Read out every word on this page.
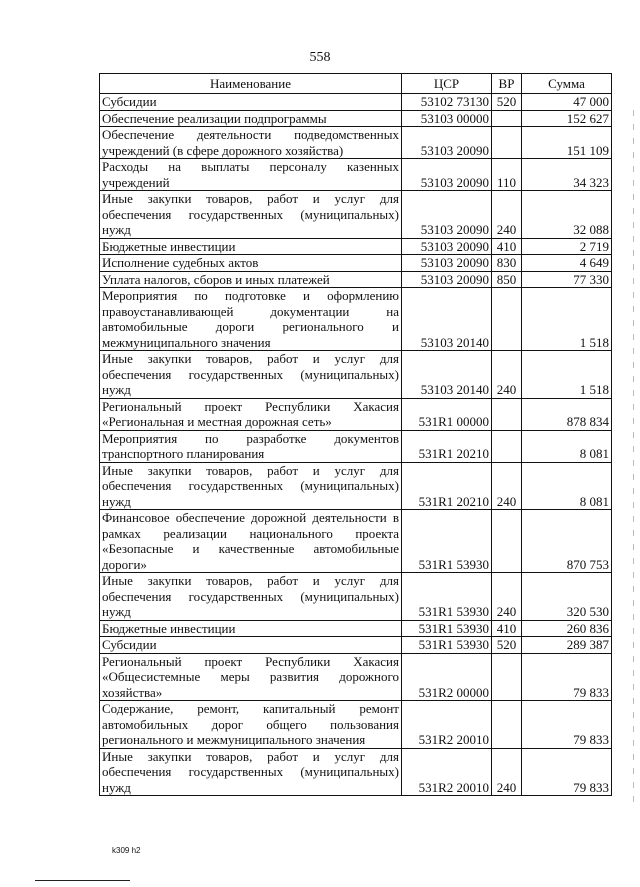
558
Наименование	ЦСР	ВР	Сумма
Субсидии	53102 73130	520	47 000
Обеспечение реализации подпрограммы	53103 00000		152 627
Обеспечение деятельности подведомственных учреждений (в сфере дорожного хозяйства)	53103 20090		151 109
Расходы на выплаты персоналу казенных учреждений	53103 20090	110	34 323
Иные закупки товаров, работ и услуг для обеспечения государственных (муниципальных) нужд	53103 20090	240	32 088
Бюджетные инвестиции	53103 20090	410	2 719
Исполнение судебных актов	53103 20090	830	4 649
Уплата налогов, сборов и иных платежей	53103 20090	850	77 330
Мероприятия по подготовке и оформлению правоустанавливающей документации на автомобильные дороги регионального и межмуниципального значения	53103 20140		1 518
Иные закупки товаров, работ и услуг для обеспечения государственных (муниципальных) нужд	53103 20140	240	1 518
Региональный проект Республики Хакасия «Региональная и местная дорожная сеть»	531R1 00000		878 834
Мероприятия по разработке документов транспортного планирования	531R1 20210		8 081
Иные закупки товаров, работ и услуг для обеспечения государственных (муниципальных) нужд	531R1 20210	240	8 081
Финансовое обеспечение дорожной деятельности в рамках реализации национального проекта «Безопасные и качественные автомобильные дороги»	531R1 53930		870 753
Иные закупки товаров, работ и услуг для обеспечения государственных (муниципальных) нужд	531R1 53930	240	320 530
Бюджетные инвестиции	531R1 53930	410	260 836
Субсидии	531R1 53930	520	289 387
Региональный проект Республики Хакасия «Общесистемные меры развития дорожного хозяйства»	531R2 00000		79 833
Содержание, ремонт, капитальный ремонт автомобильных дорог общего пользования регионального и межмуниципального значения	531R2 20010		79 833
Иные закупки товаров, работ и услуг для обеспечения государственных (муниципальных) нужд	531R2 20010	240	79 833
k309 h2
